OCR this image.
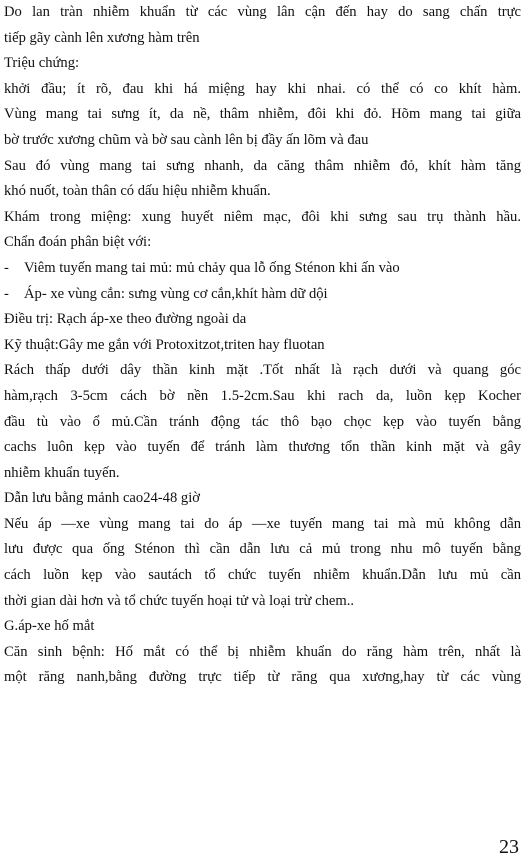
Do lan tràn nhiễm khuẩn từ các vùng lân cận đến hay do sang chấn trực
tiếp gãy cành lên xương hàm trên
Triệu chứng:
khởi đầu; ít rõ, đau khi há miệng hay khi nhai. có thể có co khít hàm.
Vùng mang tai sưng ít, da nề, thâm nhiễm, đôi khi đỏ. Hõm mang tai giữa
bờ trước xương chũm và bờ sau cành lên bị đầy ấn lõm và đau
Sau đó vùng mang tai sưng nhanh, da căng thâm nhiễm đỏ, khít hàm tăng
khó nuốt, toàn thân có dấu hiệu nhiễm khuẩn.
Khám trong miệng: xung huyết niêm mạc, đôi khi sưng sau trụ thành hầu.
Chẩn đoán phân biệt với:
-	Viêm tuyến mang tai mủ: mủ chảy qua lỗ ống Sténon khi ấn vào
-	Áp- xe vùng cắn: sưng vùng cơ cắn,khít hàm dữ dội
Điều trị: Rạch áp-xe theo đường ngoài da
Kỹ thuật:Gây me gắn với Protoxitzot,triten hay fluotan
Rách thấp dưới dây thần kinh mặt .Tốt nhất là rạch dưới và quang góc
hàm,rạch 3-5cm cách bờ nền 1.5-2cm.Sau khi rach da, luồn kẹp Kocher
đầu tù vào ổ mủ.Cần tránh động tác thô bạo chọc kẹp vào tuyến bằng
cachs luôn kẹp vào tuyến để tránh làm thương tổn thần kinh mặt và gây
nhiễm khuẩn tuyến.
Dẫn lưu bằng mảnh cao24-48 giờ
Nếu áp —xe vùng mang tai do áp —xe tuyến mang tai mà mủ không dẫn
lưu được qua ống Sténon thì cần dẫn lưu cả mủ trong nhu mô tuyến bằng
cách luồn kẹp vào sautách tổ chức tuyến nhiễm khuẩn.Dẫn lưu mủ cần
thời gian dài hơn và tổ chức tuyến hoại tử và loại trừ chem..
G.áp-xe hố mắt
Căn sinh bệnh: Hố mắt có thể bị nhiễm khuẩn do răng hàm trên, nhất là
một răng nanh,bằng đường trực tiếp từ răng qua xương,hay từ các vùng
23
